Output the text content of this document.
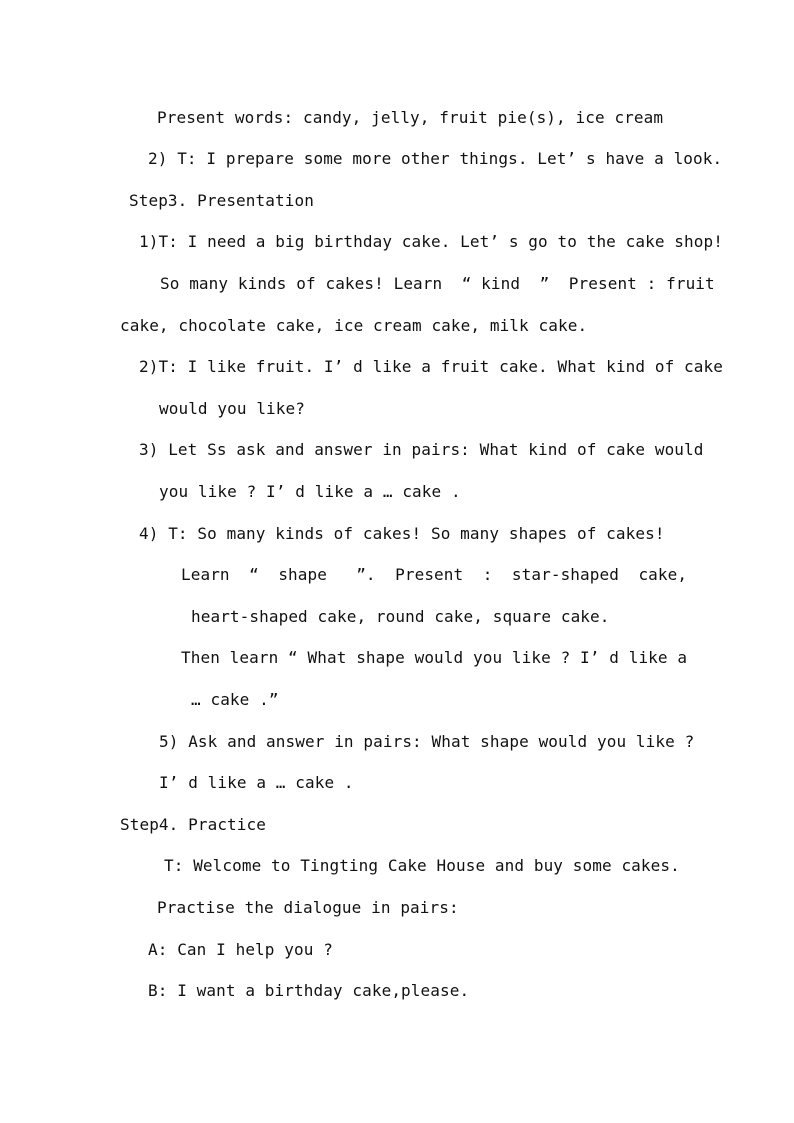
Present words: candy, jelly, fruit pie(s), ice cream
2) T: I prepare some more other things. Let’ s have a look.
Step3. Presentation
1)T: I need a big birthday cake. Let’ s go to the cake shop!
So many kinds of cakes! Learn  “ kind  ”  Present : fruit
cake, chocolate cake, ice cream cake, milk cake.
2)T: I like fruit. I’ d like a fruit cake. What kind of cake
would you like?
3) Let Ss ask and answer in pairs: What kind of cake would
you like ? I’ d like a … cake .
4) T: So many kinds of cakes! So many shapes of cakes!
Learn  “  shape   ”.  Present  :  star-shaped  cake,
heart-shaped cake, round cake, square cake.
Then learn “ What shape would you like ? I’ d like a
… cake .”
5) Ask and answer in pairs: What shape would you like ?
I’ d like a … cake .
Step4. Practice
T: Welcome to Tingting Cake House and buy some cakes.
Practise the dialogue in pairs:
A: Can I help you ?
B: I want a birthday cake,please.
